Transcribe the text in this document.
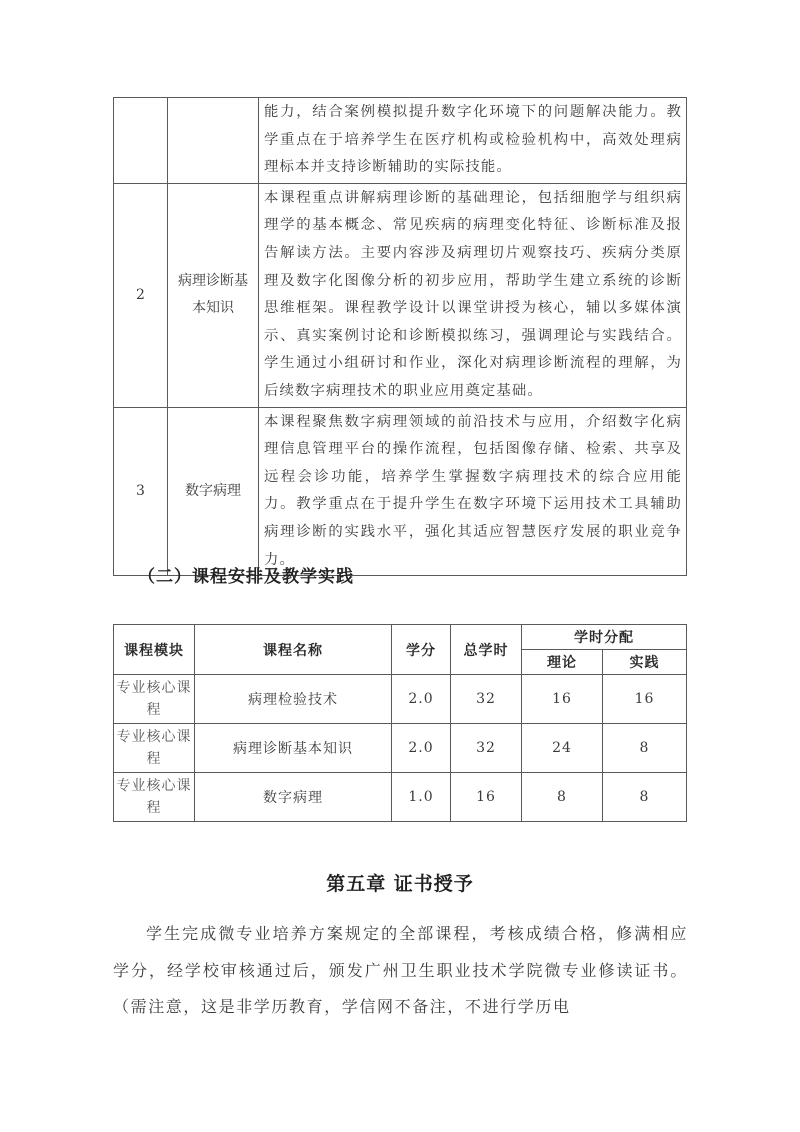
		能力，结合案例模拟提升数字化环境下的问题解决能力。教学重点在于培养学生在医疗机构或检验机构中，高效处理病理标本并支持诊断辅助的实际技能。
2	病理诊断基本知识	本课程重点讲解病理诊断的基础理论，包括细胞学与组织病理学的基本概念、常见疾病的病理变化特征、诊断标准及报告解读方法。主要内容涉及病理切片观察技巧、疾病分类原理及数字化图像分析的初步应用，帮助学生建立系统的诊断思维框架。课程教学设计以课堂讲授为核心，辅以多媒体演示、真实案例讨论和诊断模拟练习，强调理论与实践结合。学生通过小组研讨和作业，深化对病理诊断流程的理解，为后续数字病理技术的职业应用奠定基础。
3	数字病理	本课程聚焦数字病理领域的前沿技术与应用，介绍数字化病理信息管理平台的操作流程，包括图像存储、检索、共享及远程会诊功能，培养学生掌握数字病理技术的综合应用能力。教学重点在于提升学生在数字环境下运用技术工具辅助病理诊断的实践水平，强化其适应智慧医疗发展的职业竞争力。
（二）课程安排及教学实践
课程模块	课程名称	学分	总学时	学时分配	
				理论	实践
专业核心课程	病理检验技术	2.0	32	16	16
专业核心课程	病理诊断基本知识	2.0	32	24	8
专业核心课程	数字病理	1.0	16	8	8
第五章 证书授予

学生完成微专业培养方案规定的全部课程，考核成绩合格，修满相应学分，经学校审核通过后，颁发广州卫生职业技术学院微专业修读证书。（需注意，这是非学历教育，学信网不备注，不进行学历电
